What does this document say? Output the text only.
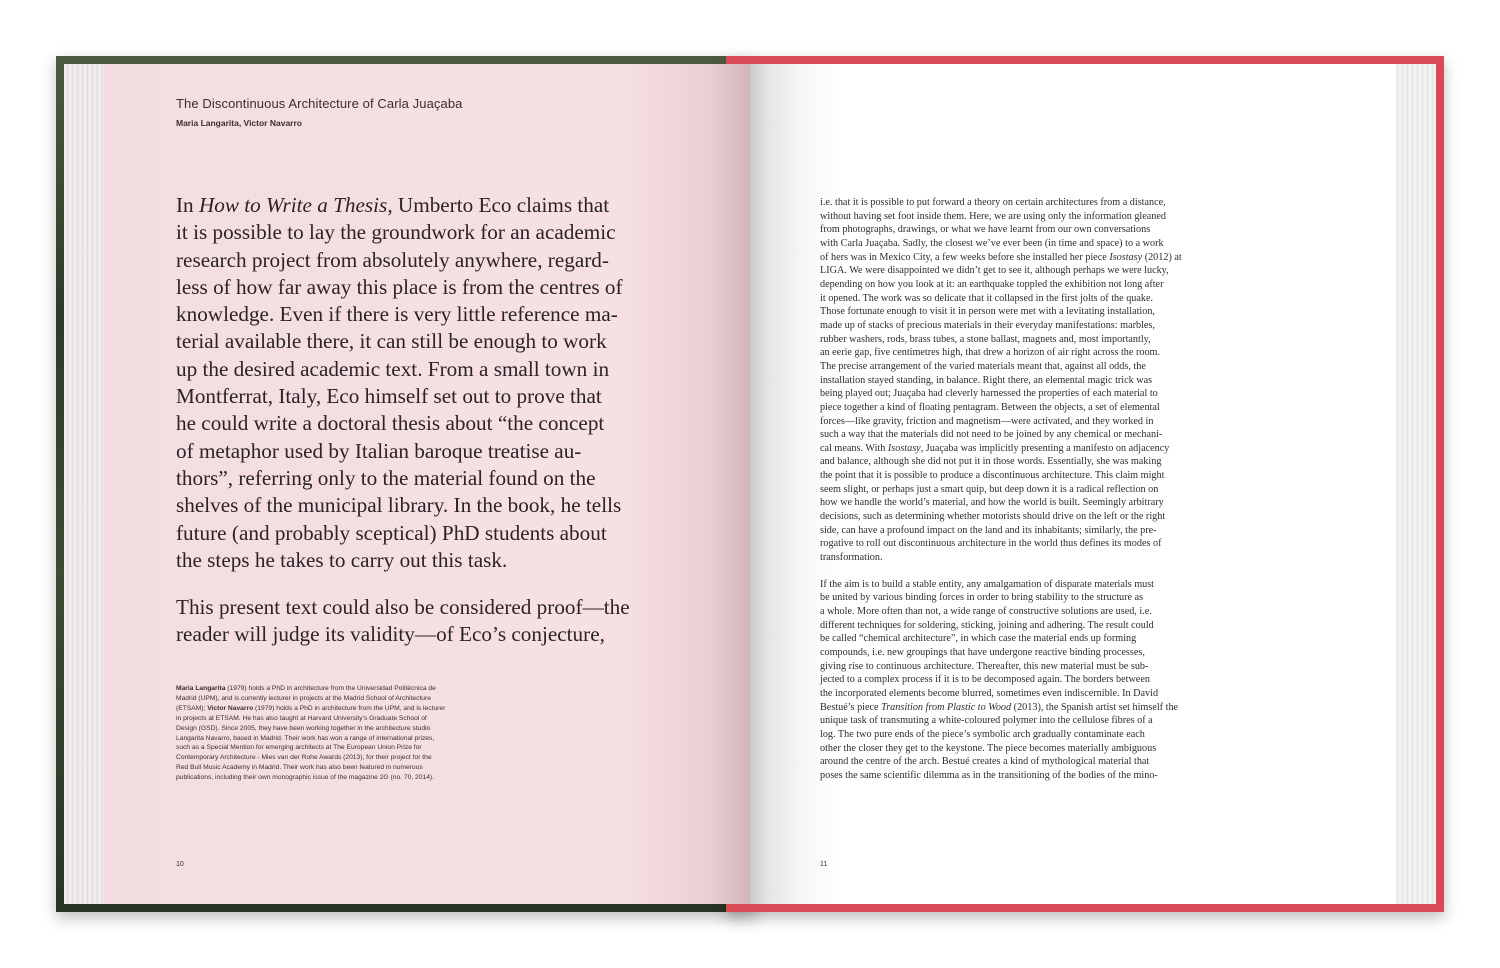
The Discontinuous Architecture of Carla Juaçaba
Maria Langarita, Victor Navarro

In How to Write a Thesis, Umberto Eco claims that
it is possible to lay the groundwork for an academic
research project from absolutely anywhere, regard-
less of how far away this place is from the centres of
knowledge. Even if there is very little reference ma-
terial available there, it can still be enough to work
up the desired academic text. From a small town in
Montferrat, Italy, Eco himself set out to prove that
he could write a doctoral thesis about “the concept
of metaphor used by Italian baroque treatise au-
thors”, referring only to the material found on the
shelves of the municipal library. In the book, he tells
future (and probably sceptical) PhD students about
the steps he takes to carry out this task.

This present text could also be considered proof—the
reader will judge its validity—of Eco’s conjecture,

Maria Langarita (1979) holds a PhD in architecture from the Universidad Politécnica de
Madrid (UPM), and is currently lecturer in projects at the Madrid School of Architecture
(ETSAM); Victor Navarro (1979) holds a PhD in architecture from the UPM, and is lecturer
in projects at ETSAM. He has also taught at Harvard University’s Graduate School of
Design (GSD). Since 2005, they have been working together in the architecture studio
Langarita Navarro, based in Madrid. Their work has won a range of international prizes,
such as a Special Mention for emerging architects at The European Union Prize for
Contemporary Architecture - Mies van der Rohe Awards (2013), for their project for the
Red Bull Music Academy in Madrid. Their work has also been featured in numerous
publications, including their own monographic issue of the magazine 2G (no. 70, 2014).
10
i.e. that it is possible to put forward a theory on certain architectures from a distance,
without having set foot inside them. Here, we are using only the information gleaned
from photographs, drawings, or what we have learnt from our own conversations
with Carla Juaçaba. Sadly, the closest we’ve ever been (in time and space) to a work
of hers was in Mexico City, a few weeks before she installed her piece Isostasy (2012) at
LIGA. We were disappointed we didn’t get to see it, although perhaps we were lucky,
depending on how you look at it: an earthquake toppled the exhibition not long after
it opened. The work was so delicate that it collapsed in the first jolts of the quake.
Those fortunate enough to visit it in person were met with a levitating installation,
made up of stacks of precious materials in their everyday manifestations: marbles,
rubber washers, rods, brass tubes, a stone ballast, magnets and, most importantly,
an eerie gap, five centimetres high, that drew a horizon of air right across the room.
The precise arrangement of the varied materials meant that, against all odds, the
installation stayed standing, in balance. Right there, an elemental magic trick was
being played out; Juaçaba had cleverly harnessed the properties of each material to
piece together a kind of floating pentagram. Between the objects, a set of elemental
forces—like gravity, friction and magnetism—were activated, and they worked in
such a way that the materials did not need to be joined by any chemical or mechani-
cal means. With Isostasy, Juaçaba was implicitly presenting a manifesto on adjacency
and balance, although she did not put it in those words. Essentially, she was making
the point that it is possible to produce a discontinuous architecture. This claim might
seem slight, or perhaps just a smart quip, but deep down it is a radical reflection on
how we handle the world’s material, and how the world is built. Seemingly arbitrary
decisions, such as determining whether motorists should drive on the left or the right
side, can have a profound impact on the land and its inhabitants; similarly, the pre-
rogative to roll out discontinuous architecture in the world thus defines its modes of
transformation.
If the aim is to build a stable entity, any amalgamation of disparate materials must
be united by various binding forces in order to bring stability to the structure as
a whole. More often than not, a wide range of constructive solutions are used, i.e.
different techniques for soldering, sticking, joining and adhering. The result could
be called “chemical architecture”, in which case the material ends up forming
compounds, i.e. new groupings that have undergone reactive binding processes,
giving rise to continuous architecture. Thereafter, this new material must be sub-
jected to a complex process if it is to be decomposed again. The borders between
the incorporated elements become blurred, sometimes even indiscernible. In David
Bestué’s piece Transition from Plastic to Wood (2013), the Spanish artist set himself the
unique task of transmuting a white-coloured polymer into the cellulose fibres of a
log. The two pure ends of the piece’s symbolic arch gradually contaminate each
other the closer they get to the keystone. The piece becomes materially ambiguous
around the centre of the arch. Bestué creates a kind of mythological material that
poses the same scientific dilemma as in the transitioning of the bodies of the mino-
11
